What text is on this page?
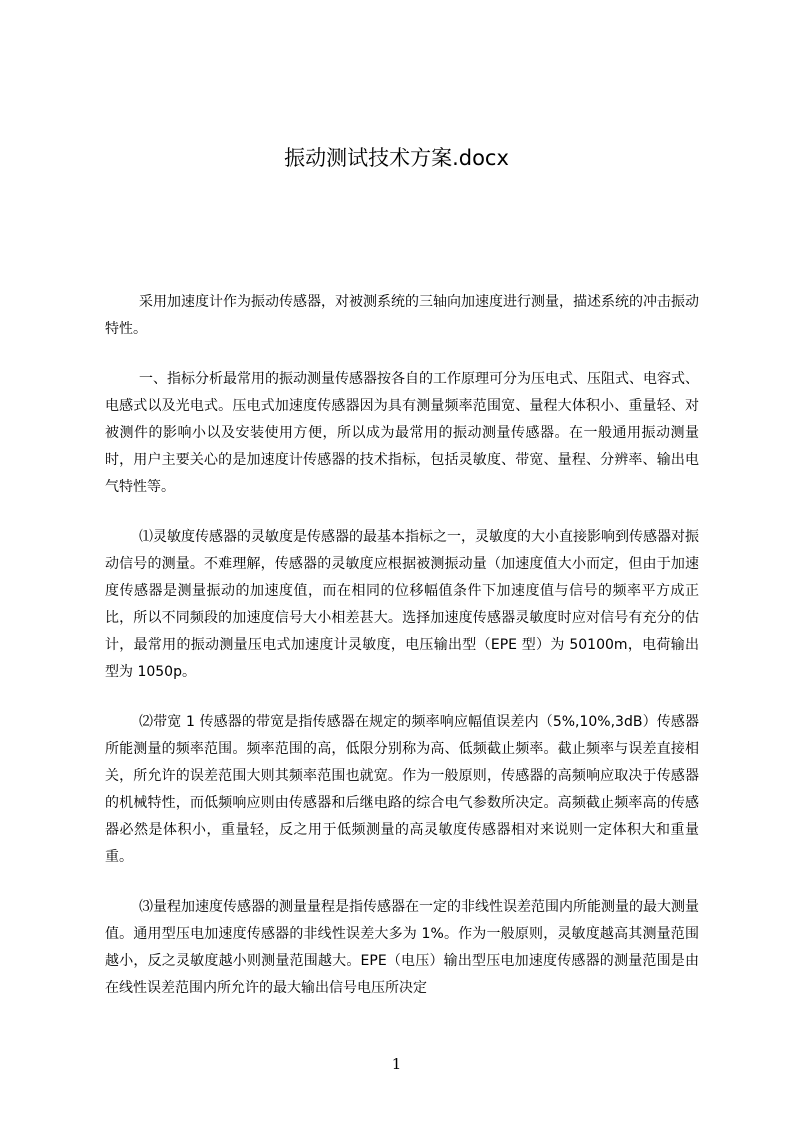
振动测试技术方案.docx

采用加速度计作为振动传感器，对被测系统的三轴向加速度进行测量，描述系统的冲击振动特性。

一、指标分析最常用的振动测量传感器按各自的工作原理可分为压电式、压阻式、电容式、电感式以及光电式。压电式加速度传感器因为具有测量频率范围宽、量程大体积小、重量轻、对被测件的影响小以及安装使用方便，所以成为最常用的振动测量传感器。在一般通用振动测量时，用户主要关心的是加速度计传感器的技术指标，包括灵敏度、带宽、量程、分辨率、输出电气特性等。

⑴灵敏度传感器的灵敏度是传感器的最基本指标之一，灵敏度的大小直接影响到传感器对振动信号的测量。不难理解，传感器的灵敏度应根据被测振动量（加速度值大小而定，但由于加速度传感器是测量振动的加速度值，而在相同的位移幅值条件下加速度值与信号的频率平方成正比，所以不同频段的加速度信号大小相差甚大。选择加速度传感器灵敏度时应对信号有充分的估计，最常用的振动测量压电式加速度计灵敏度，电压输出型（EPE 型）为 50100m，电荷输出型为 1050p。

⑵带宽 1 传感器的带宽是指传感器在规定的频率响应幅值误差内（5%,10%,3dB）传感器所能测量的频率范围。频率范围的高，低限分别称为高、低频截止频率。截止频率与误差直接相关，所允许的误差范围大则其频率范围也就宽。作为一般原则，传感器的高频响应取决于传感器的机械特性，而低频响应则由传感器和后继电路的综合电气参数所决定。高频截止频率高的传感器必然是体积小，重量轻，反之用于低频测量的高灵敏度传感器相对来说则一定体积大和重量重。

⑶量程加速度传感器的测量量程是指传感器在一定的非线性误差范围内所能测量的最大测量值。通用型压电加速度传感器的非线性误差大多为 1%。作为一般原则，灵敏度越高其测量范围越小，反之灵敏度越小则测量范围越大。EPE（电压）输出型压电加速度传感器的测量范围是由在线性误差范围内所允许的最大输出信号电压所决定

1
